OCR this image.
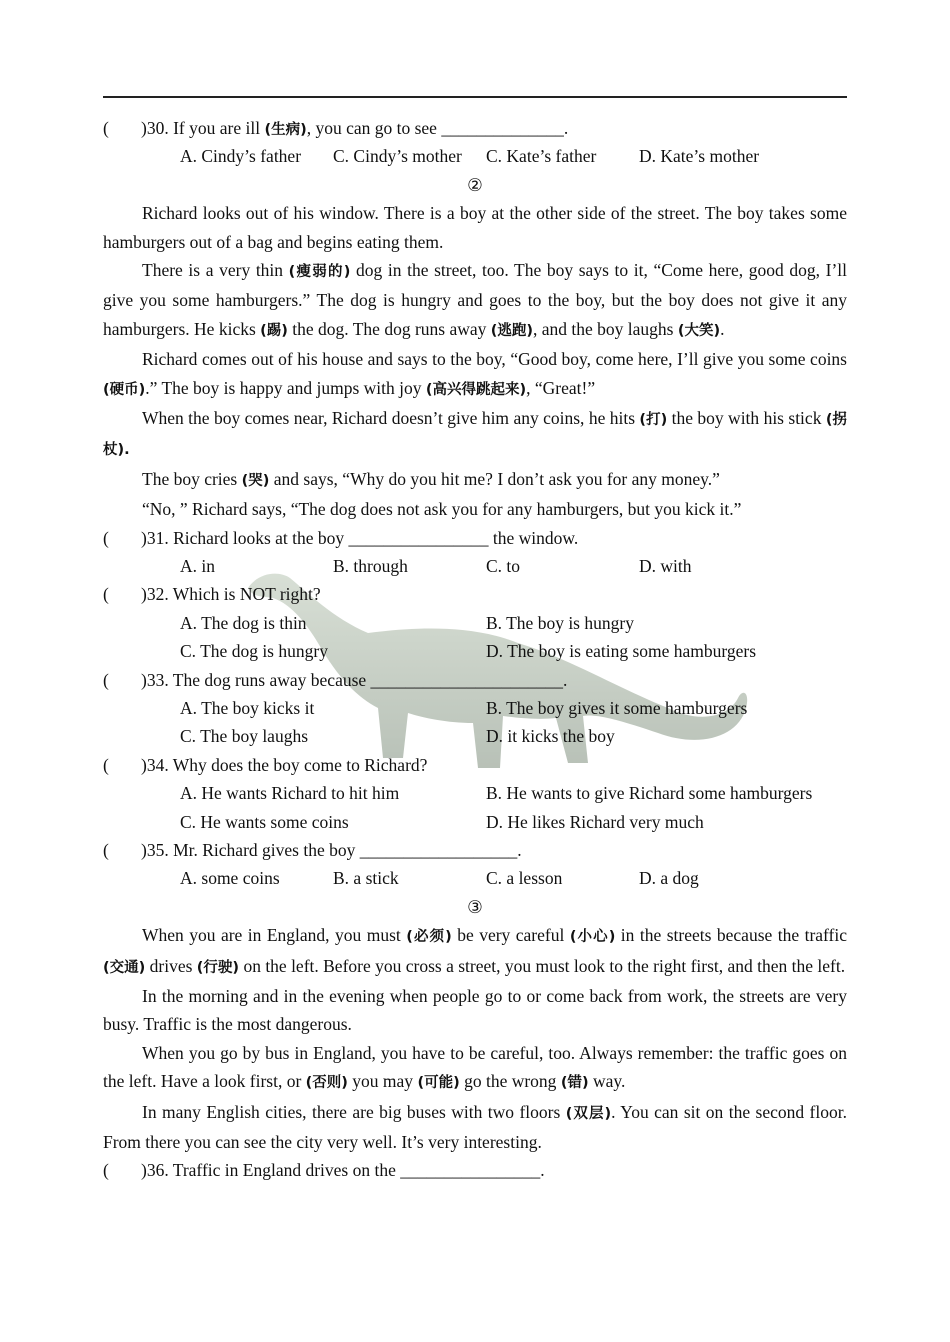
( )30. If you are ill (生病), you can go to see ______________.
A. Cindy’s father C. Cindy’s mother C. Kate’s father D. Kate’s mother
②

Richard looks out of his window. There is a boy at the other side of the street. The boy takes some hamburgers out of a bag and begins eating them.

There is a very thin (瘦弱的) dog in the street, too. The boy says to it, “Come here, good dog, I’ll give you some hamburgers.” The dog is hungry and goes to the boy, but the boy does not give it any hamburgers. He kicks (踢) the dog. The dog runs away (逃跑), and the boy laughs (大笑).

Richard comes out of his house and says to the boy, “Good boy, come here, I’ll give you some coins (硬币).” The boy is happy and jumps with joy (高兴得跳起来), “Great!”

When the boy comes near, Richard doesn’t give him any coins, he hits (打) the boy with his stick (拐杖).

The boy cries (哭) and says, “Why do you hit me? I don’t ask you for any money.”

“No, ” Richard says, “The dog does not ask you for any hamburgers, but you kick it.”

( )31. Richard looks at the boy ________________ the window.
A. in	B. through	C. to	D. with
( )32. Which is NOT right?
A. The dog is thin	B. The boy is hungry
C. The dog is hungry	D. The boy is eating some hamburgers
( )33. The dog runs away because ______________________.
A. The boy kicks it	B. The boy gives it some hamburgers
C. The boy laughs	D. it kicks the boy
( )34. Why does the boy come to Richard?
A. He wants Richard to hit him	B. He wants to give Richard some hamburgers
C. He wants some coins	D. He likes Richard very much
( )35. Mr. Richard gives the boy __________________.
A. some coins	B. a stick	C. a lesson	D. a dog
③

When you are in England, you must (必须) be very careful (小心) in the streets because the traffic (交通) drives (行驶) on the left. Before you cross a street, you must look to the right first, and then the left.

In the morning and in the evening when people go to or come back from work, the streets are very busy. Traffic is the most dangerous.

When you go by bus in England, you have to be careful, too. Always remember: the traffic goes on the left. Have a look first, or (否则) you may (可能) go the wrong (错) way.

In many English cities, there are big buses with two floors (双层). You can sit on the second floor. From there you can see the city very well. It’s very interesting.

( )36. Traffic in England drives on the ________________.
